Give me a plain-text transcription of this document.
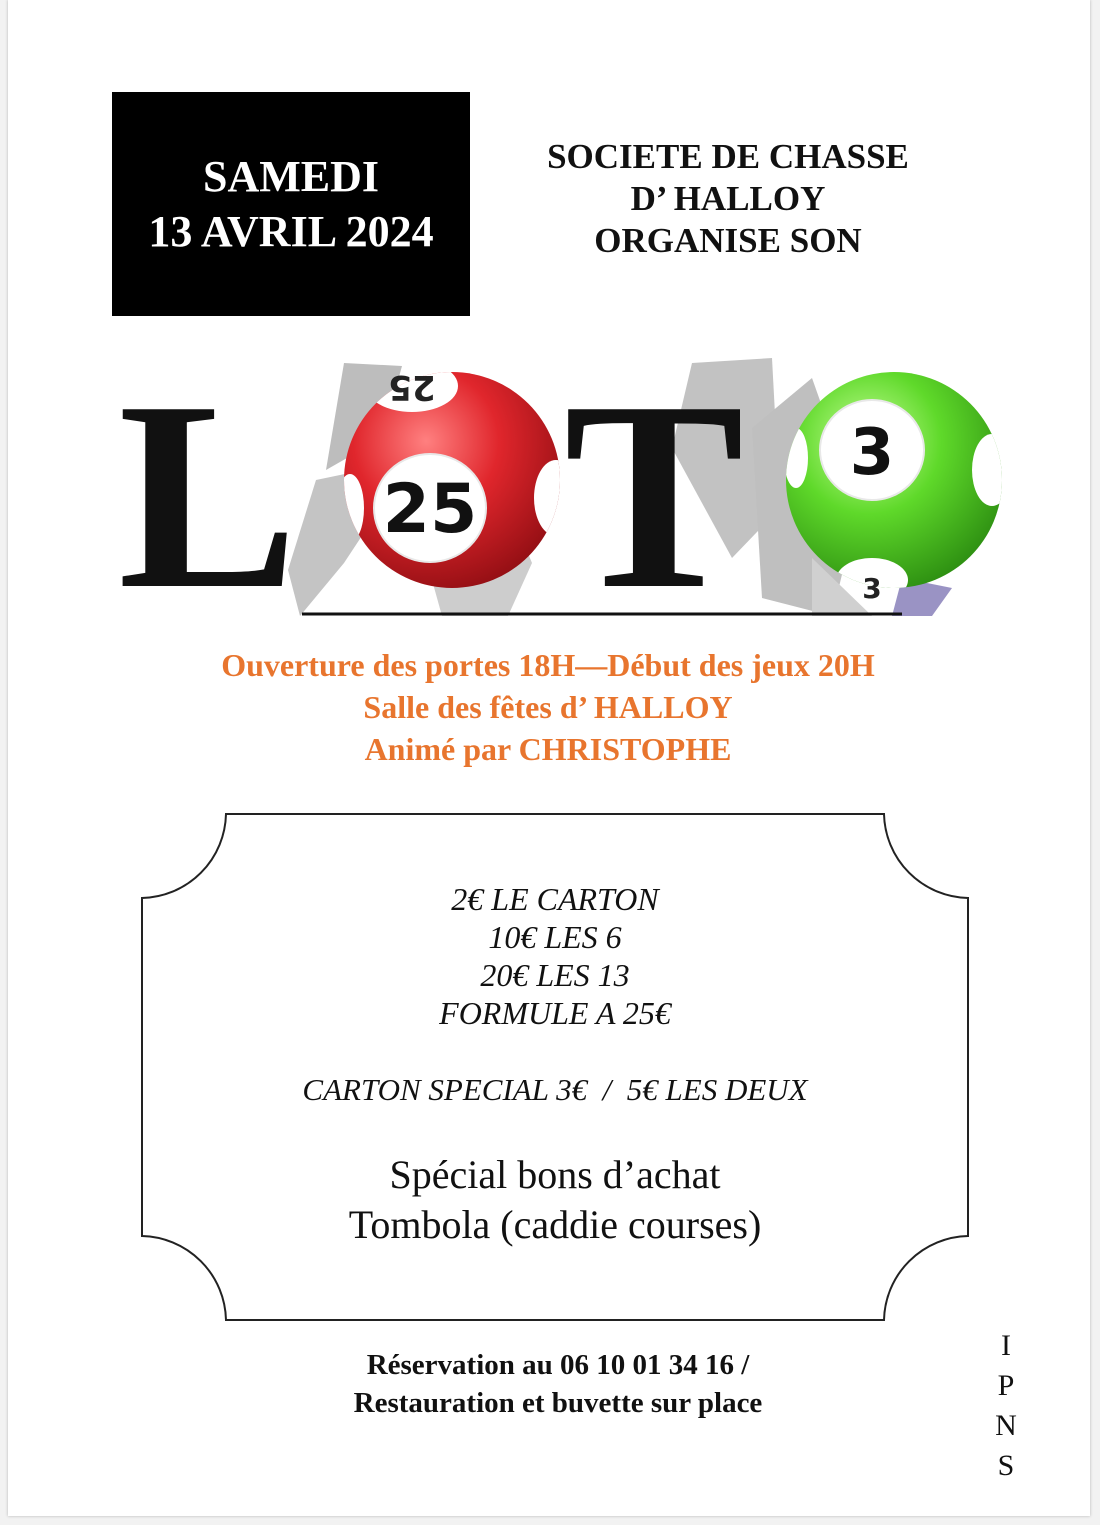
SAMEDI
13 AVRIL 2024
SOCIETE DE CHASSE
D’ HALLOY
ORGANISE SON
L 25
25 T 3
3
Ouverture des portes 18H—Début des jeux 20H
Salle des fêtes d’ HALLOY
Animé par CHRISTOPHE
2€ LE CARTON
10€ LES 6
20€ LES 13
FORMULE A 25€
CARTON SPECIAL 3€  /  5€ LES DEUX
Spécial bons d’achat
Tombola (caddie courses)
Réservation au 06 10 01 34 16 /
Restauration et buvette sur place
I
P
N
S
